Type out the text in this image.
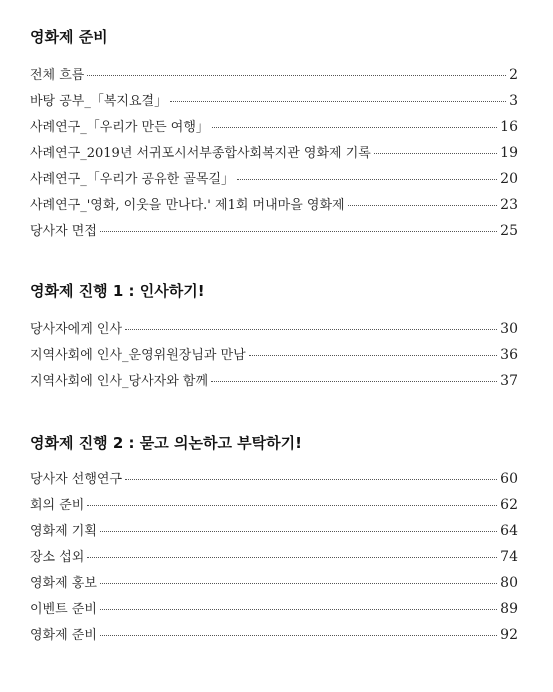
영화제 준비
전체 흐름	2
바탕 공부_「복지요결」	3
사례연구_「우리가 만든 여행」	16
사례연구_2019년 서귀포시서부종합사회복지관 영화제 기록	19
사례연구_「우리가 공유한 골목길」	20
사례연구_'영화, 이웃을 만나다.' 제1회 머내마을 영화제	23
당사자 면접	25
영화제 진행 1 : 인사하기!
당사자에게 인사	30
지역사회에 인사_운영위원장님과 만남	36
지역사회에 인사_당사자와 함께	37
영화제 진행 2 : 묻고 의논하고 부탁하기!
당사자 선행연구	60
회의 준비	62
영화제 기획	64
장소 섭외	74
영화제 홍보	80
이벤트 준비	89
영화제 준비	92
